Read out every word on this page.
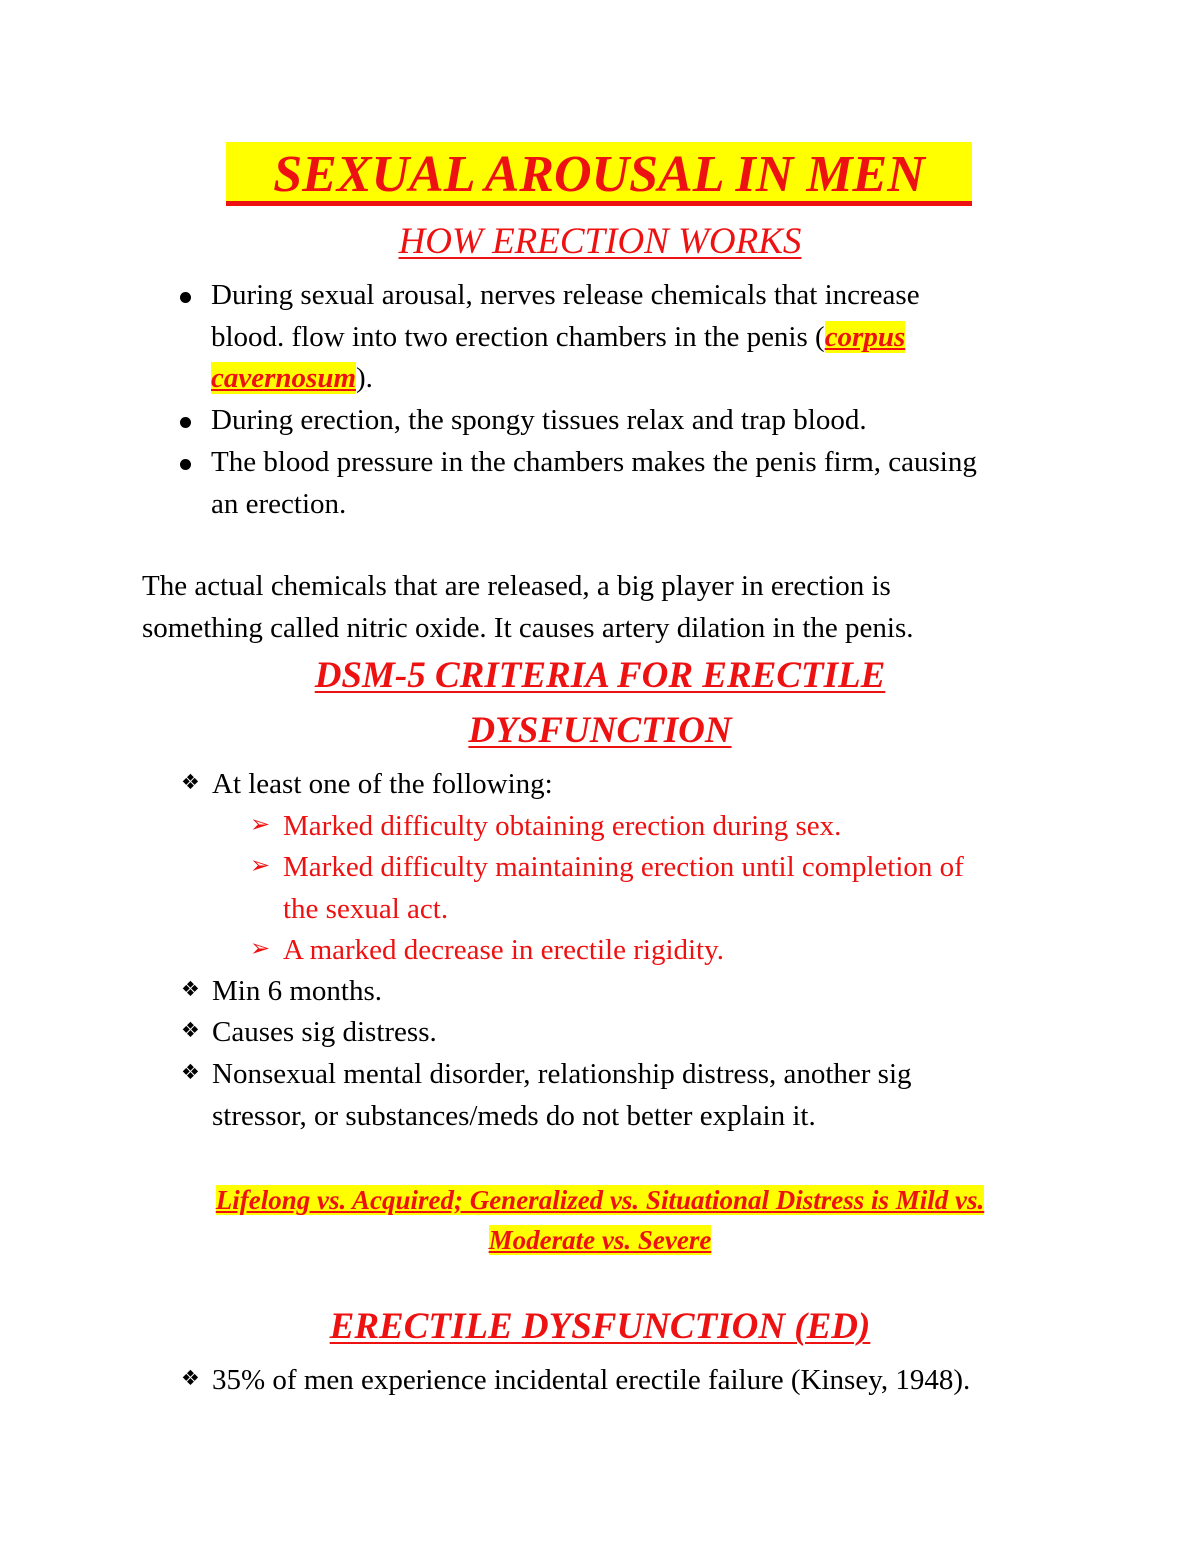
SEXUAL AROUSAL IN MEN
HOW ERECTION WORKS
During sexual arousal, nerves release chemicals that increase
blood. flow into two erection chambers in the penis (corpus
cavernosum).
During erection, the spongy tissues relax and trap blood.
The blood pressure in the chambers makes the penis firm, causing
an erection.
The actual chemicals that are released, a big player in erection is
something called nitric oxide. It causes artery dilation in the penis.
DSM-5 CRITERIA FOR ERECTILE
DYSFUNCTION
❖ At least one of the following:
➢ Marked difficulty obtaining erection during sex.
➢ Marked difficulty maintaining erection until completion of
the sexual act.
➢ A marked decrease in erectile rigidity.
❖ Min 6 months.
❖ Causes sig distress.
❖ Nonsexual mental disorder, relationship distress, another sig
stressor, or substances/meds do not better explain it.
Lifelong vs. Acquired; Generalized vs. Situational Distress is Mild vs.
Moderate vs. Severe
ERECTILE DYSFUNCTION (ED)
❖ 35% of men experience incidental erectile failure (Kinsey, 1948).
